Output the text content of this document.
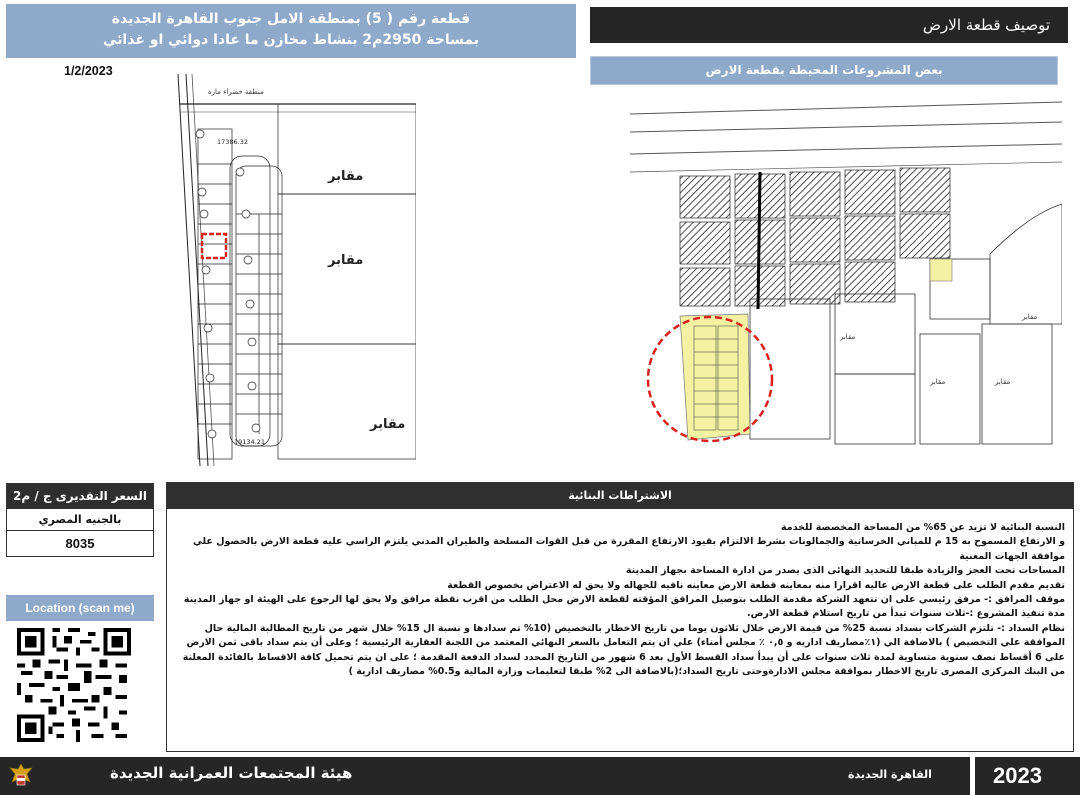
قطعة رقم ( 5) بمنطقة الامل جنوب القاهرة الجديدة
بمساحة 2950م2 بنشاط مخازن ما عادا دوائي او غذائي
1/2/2023
توصيف قطعة الارض
بعض المشروعات المحيطة بقطعة الارض
منطقة خضراء مارة
17386.32
19134.21
مقابر
مقابر
مقابر
مقابر
مقابر	مقابر
مقابر
السعر التقديرى ج / م2
بالجنيه المصري
8035
Location (scan me)
الاشتراطات البنائية

النسبة البنائية لا تزيد عن 65% من المساحة المخصصة للخدمة

و الارتفاع المسموح به 15 م للمباني الخرسانية والجمالونات بشرط الالتزام بقيود الارتفاع المقررة من قبل القوات المسلحة والطيران المدني يلتزم الراسي عليه قطعة الارض بالحصول علي موافقة الجهات المعنية

المساحات تحت العجز والزيادة طبقا للتحديد النهائى الذى يصدر من ادارة المساحة بجهاز المدينة

تقديم مقدم الطلب على قطعة الارض عاليه اقرارا منه بمعاينه قطعة الارض معاينه نافيه للجهاله ولا يحق له الاعتراض بخصوص القطعة

موقف المرافق :- مرفق رئيسي على ان تتعهد الشركة مقدمة الطلب بتوصيل المرافق المؤقته لقطعة الارض محل الطلب من اقرب نقطة مرافق ولا يحق لها الرجوع على الهيئة او جهاز المدينة

مدة تنفيذ المشروع :-ثلاث سنوات تبدأ من تاريخ استلام قطعة الارض.

نظام السداد :- تلتزم الشركات بسداد نسبة 25% من قيمة الارض خلال ثلاثون يوما من تاريخ الاخطار بالتخصيص (10% تم سدادها و نسبة ال 15% خلال شهر من تاريخ المطالبة المالية حال الموافقة علي التخصيص ) بالاضافة الي (١٪مصاريف اداريه و ٠,٥ ٪ مجلس أمناء) علي ان يتم التعامل بالسعر النهائي المعتمد من اللجنة العقارية الرئيسية ؛ وعلى أن يتم سداد باقى ثمن الارض على 6 أقساط نصف سنوية متساوية لمدة ثلاث سنوات على أن يبدأ سداد القسط الأول بعد 6 شهور من التاريخ المحدد لسداد الدفعة المقدمة ؛ على ان يتم تحميل كافة الاقساط بالفائدة المعلنة من البنك المركزى المصرى تاريخ الاخطار بموافقة مجلس الادارةوحتى تاريخ السداد؛(بالاضافة الى 2% طبقا لتعليمات وزارة المالية و0.5% مصاريف ادارية )

هيئة المجتمعات العمرانية الجديدة	القاهرة الجديدة	2023
